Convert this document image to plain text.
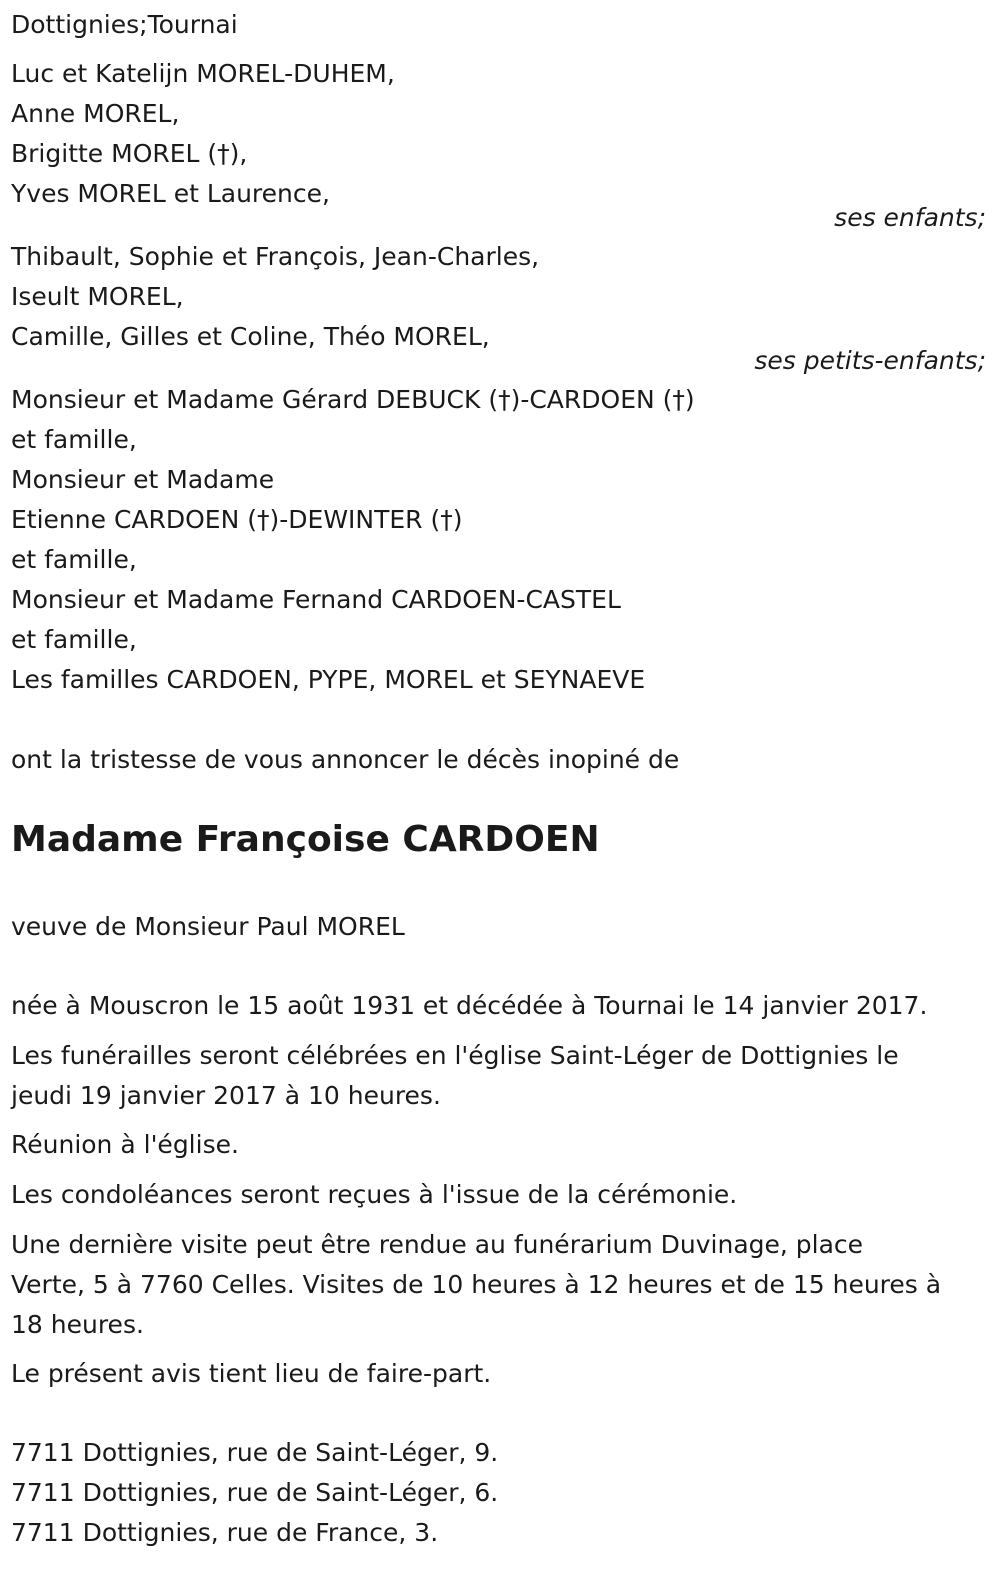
Dottignies;Tournai
Luc et Katelijn MOREL-DUHEM,
Anne MOREL,
Brigitte MOREL (†),
Yves MOREL et Laurence,
ses enfants;
Thibault, Sophie et François, Jean-Charles,
Iseult MOREL,
Camille, Gilles et Coline, Théo MOREL,
ses petits-enfants;
Monsieur et Madame Gérard DEBUCK (†)-CARDOEN (†)
et famille,
Monsieur et Madame
Etienne CARDOEN (†)-DEWINTER (†)
et famille,
Monsieur et Madame Fernand CARDOEN-CASTEL
et famille,
Les familles CARDOEN, PYPE, MOREL et SEYNAEVE
ont la tristesse de vous annoncer le décès inopiné de
Madame Françoise CARDOEN
veuve de Monsieur Paul MOREL
née à Mouscron le 15 août 1931 et décédée à Tournai le 14 janvier 2017.
Les funérailles seront célébrées en l'église Saint-Léger de Dottignies le
jeudi 19 janvier 2017 à 10 heures.
Réunion à l'église.
Les condoléances seront reçues à l'issue de la cérémonie.
Une dernière visite peut être rendue au funérarium Duvinage, place
Verte, 5 à 7760 Celles. Visites de 10 heures à 12 heures et de 15 heures à
18 heures.
Le présent avis tient lieu de faire-part.
7711 Dottignies, rue de Saint-Léger, 9.
7711 Dottignies, rue de Saint-Léger, 6.
7711 Dottignies, rue de France, 3.
